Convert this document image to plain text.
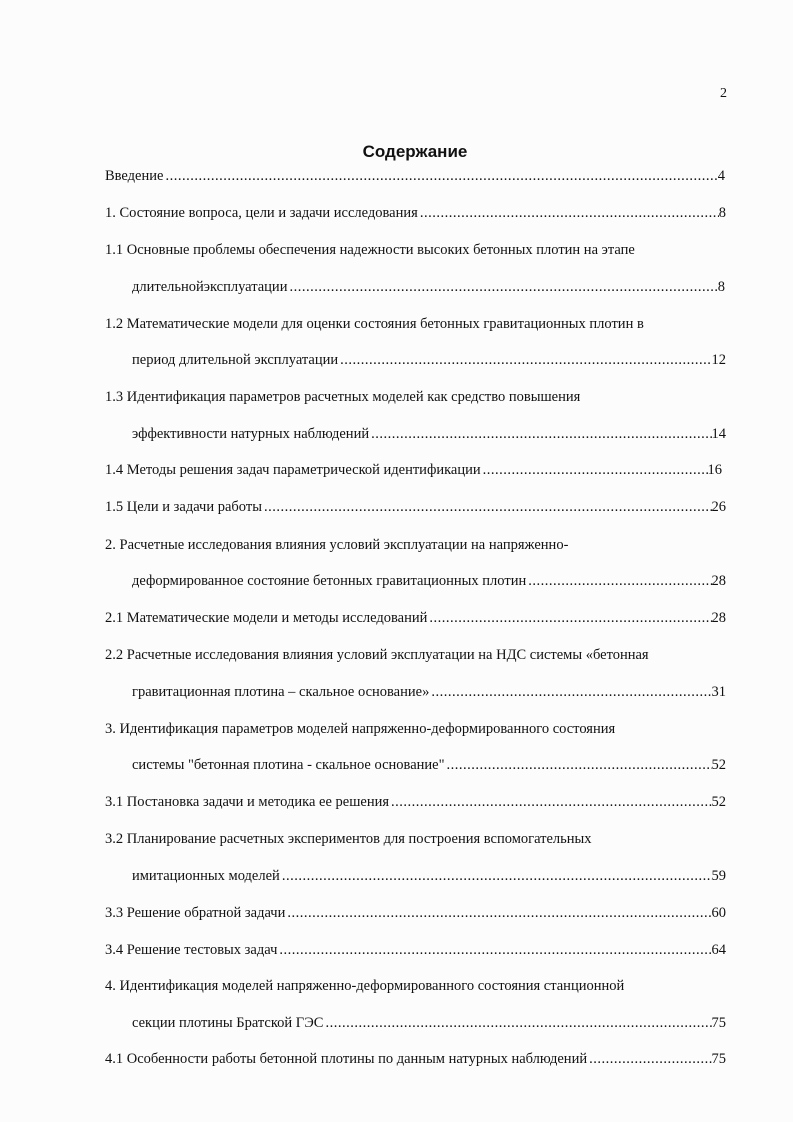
2
Содержание
Введение .....	4
1. Состояние вопроса, цели и задачи исследования .....	8
1.1 Основные проблемы обеспечения надежности высоких бетонных плотин на этапе
длительнойэксплуатации .....	8
1.2 Математические модели для оценки состояния бетонных гравитационных плотин в
период длительной эксплуатации .....	12
1.3 Идентификация параметров расчетных моделей как средство повышения
эффективности натурных наблюдений .....	14
1.4 Методы решения задач параметрической идентификации .....	16
1.5 Цели и задачи работы .....	26
2. Расчетные исследования влияния условий эксплуатации на напряженно-
деформированное состояние бетонных гравитационных плотин .....	28
2.1 Математические модели и методы исследований .....	28
2.2 Расчетные исследования влияния условий эксплуатации на НДС системы «бетонная
гравитационная плотина – скальное основание» .....	31
3. Идентификация параметров моделей напряженно-деформированного состояния
системы "бетонная плотина - скальное основание" .....	52
3.1 Постановка задачи и методика ее решения .....	52
3.2 Планирование расчетных экспериментов для построения вспомогательных
имитационных моделей .....	59
3.3 Решение обратной задачи .....	60
3.4 Решение тестовых задач .....	64
4. Идентификация моделей напряженно-деформированного состояния станционной
секции плотины Братской ГЭС .....	75
4.1 Особенности работы бетонной плотины по данным натурных наблюдений .....	75
